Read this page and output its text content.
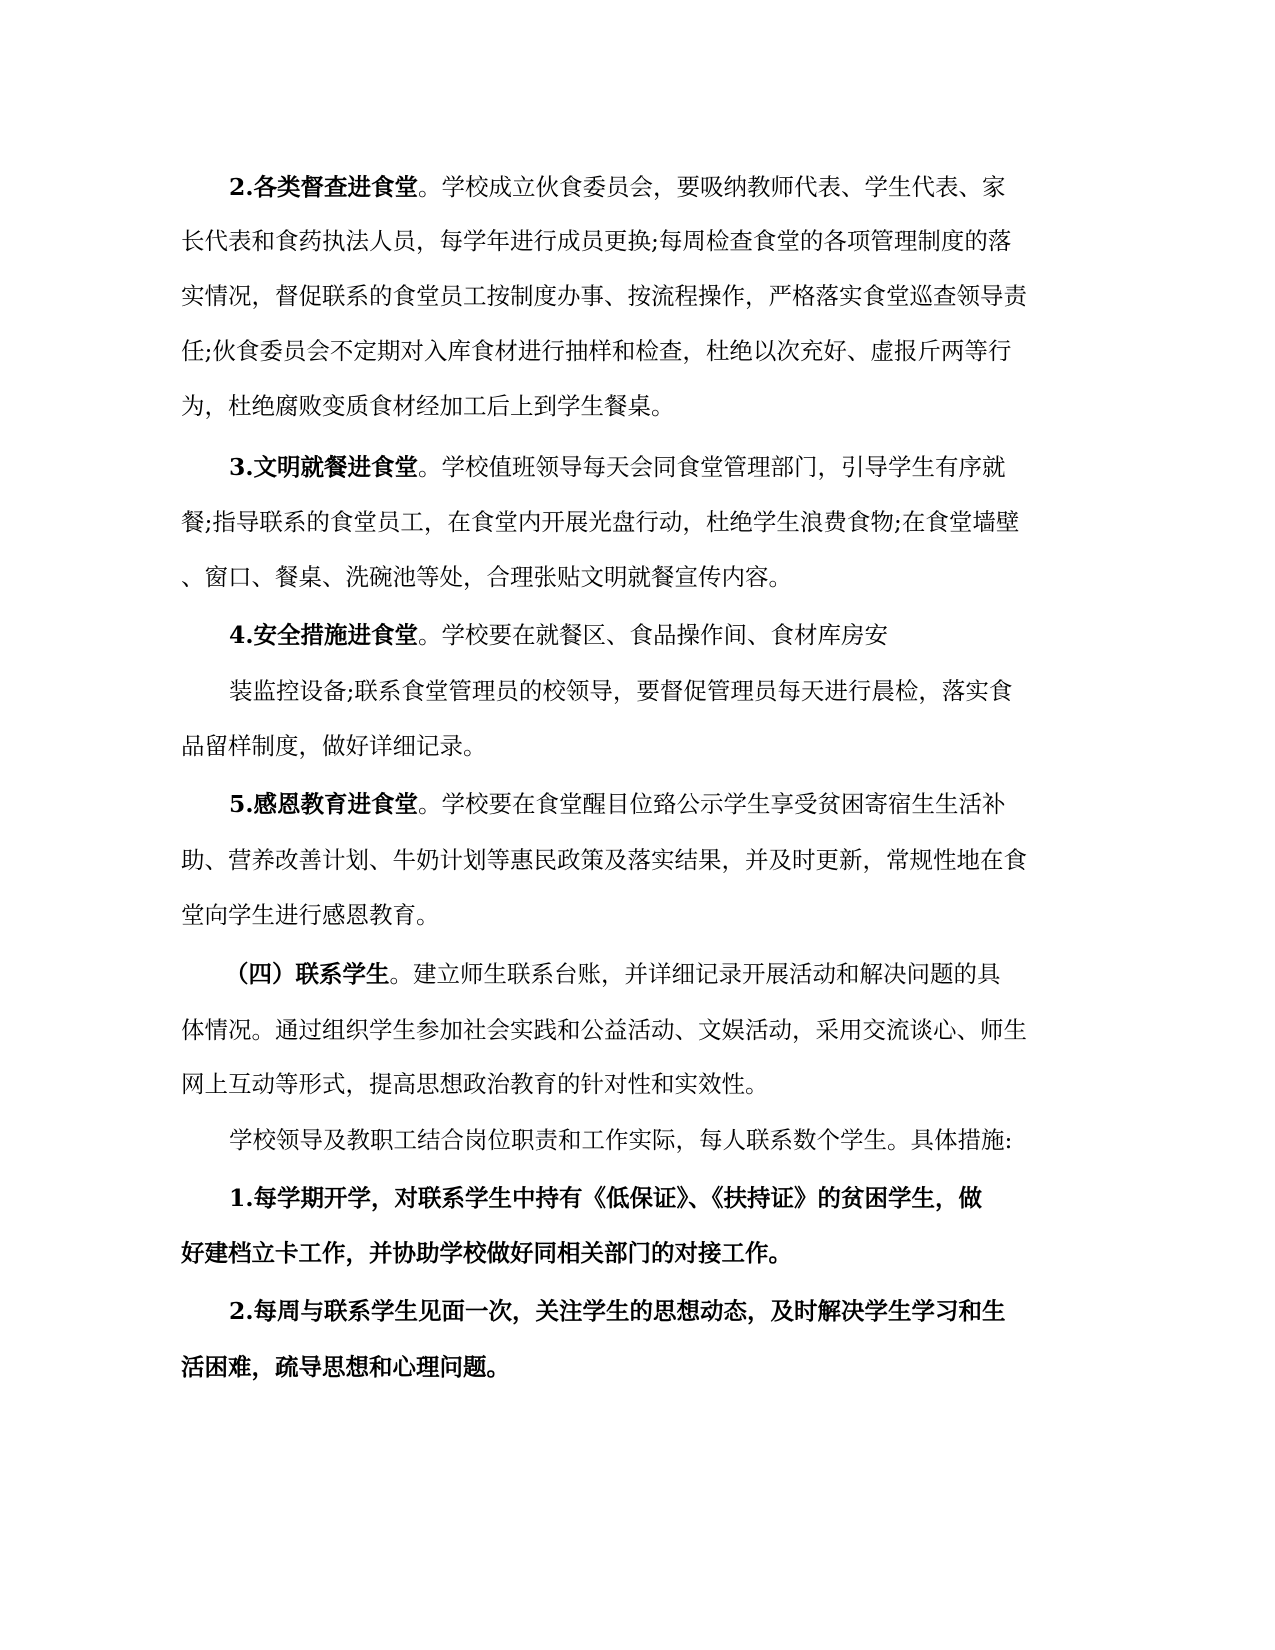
2.各类督查进食堂。学校成立伙食委员会，要吸纳教师代表、学生代表、家
长代表和食药执法人员，每学年进行成员更换;每周检查食堂的各项管理制度的落
实情况，督促联系的食堂员工按制度办事、按流程操作，严格落实食堂巡查领导责
任;伙食委员会不定期对入库食材进行抽样和检查，杜绝以次充好、虚报斤两等行
为，杜绝腐败变质食材经加工后上到学生餐桌。
3.文明就餐进食堂。学校值班领导每天会同食堂管理部门，引导学生有序就
餐;指导联系的食堂员工，在食堂内开展光盘行动，杜绝学生浪费食物;在食堂墙壁
、窗口、餐桌、洗碗池等处，合理张贴文明就餐宣传内容。
4.安全措施进食堂。学校要在就餐区、食品操作间、食材库房安
装监控设备;联系食堂管理员的校领导，要督促管理员每天进行晨检，落实食
品留样制度，做好详细记录。
5.感恩教育进食堂。学校要在食堂醒目位臵公示学生享受贫困寄宿生生活补
助、营养改善计划、牛奶计划等惠民政策及落实结果，并及时更新，常规性地在食
堂向学生进行感恩教育。
（四）联系学生。建立师生联系台账，并详细记录开展活动和解决问题的具
体情况。通过组织学生参加社会实践和公益活动、文娱活动，采用交流谈心、师生
网上互动等形式，提高思想政治教育的针对性和实效性。
学校领导及教职工结合岗位职责和工作实际，每人联系数个学生。具体措施:
1.每学期开学，对联系学生中持有《低保证》、《扶持证》的贫困学生，做
好建档立卡工作，并协助学校做好同相关部门的对接工作。
2.每周与联系学生见面一次，关注学生的思想动态，及时解决学生学习和生
活困难，疏导思想和心理问题。
